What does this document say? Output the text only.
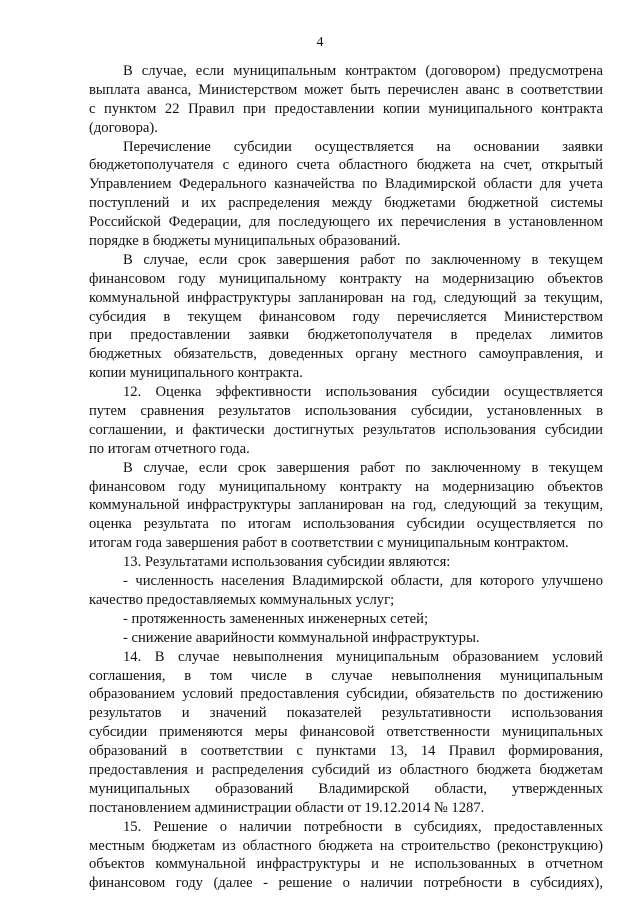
4
В случае, если муниципальным контрактом (договором) предусмотрена
выплата аванса, Министерством может быть перечислен аванс в соответствии
с пунктом 22 Правил при предоставлении копии муниципального контракта
(договора).
Перечисление субсидии осуществляется на основании заявки
бюджетополучателя с единого счета областного бюджета на счет, открытый
Управлением Федерального казначейства по Владимирской области для учета
поступлений и их распределения между бюджетами бюджетной системы
Российской Федерации, для последующего их перечисления в установленном
порядке в бюджеты муниципальных образований.
В случае, если срок завершения работ по заключенному в текущем
финансовом году муниципальному контракту на модернизацию объектов
коммунальной инфраструктуры запланирован на год, следующий за текущим,
субсидия в текущем финансовом году перечисляется Министерством
при предоставлении заявки бюджетополучателя в пределах лимитов
бюджетных обязательств, доведенных органу местного самоуправления, и
копии муниципального контракта.
12. Оценка эффективности использования субсидии осуществляется
путем сравнения результатов использования субсидии, установленных в
соглашении, и фактически достигнутых результатов использования субсидии
по итогам отчетного года.
В случае, если срок завершения работ по заключенному в текущем
финансовом году муниципальному контракту на модернизацию объектов
коммунальной инфраструктуры запланирован на год, следующий за текущим,
оценка результата по итогам использования субсидии осуществляется по
итогам года завершения работ в соответствии с муниципальным контрактом.
13. Результатами использования субсидии являются:
- численность населения Владимирской области, для которого улучшено
качество предоставляемых коммунальных услуг;
- протяженность замененных инженерных сетей;
- снижение аварийности коммунальной инфраструктуры.
14. В случае невыполнения муниципальным образованием условий
соглашения, в том числе в случае невыполнения муниципальным
образованием условий предоставления субсидии, обязательств по достижению
результатов и значений показателей результативности использования
субсидии применяются меры финансовой ответственности муниципальных
образований в соответствии с пунктами 13, 14 Правил формирования,
предоставления и распределения субсидий из областного бюджета бюджетам
муниципальных образований Владимирской области, утвержденных
постановлением администрации области от 19.12.2014 № 1287.
15. Решение о наличии потребности в субсидиях, предоставленных
местным бюджетам из областного бюджета на строительство (реконструкцию)
объектов коммунальной инфраструктуры и не использованных в отчетном
финансовом году (далее - решение о наличии потребности в субсидиях),
